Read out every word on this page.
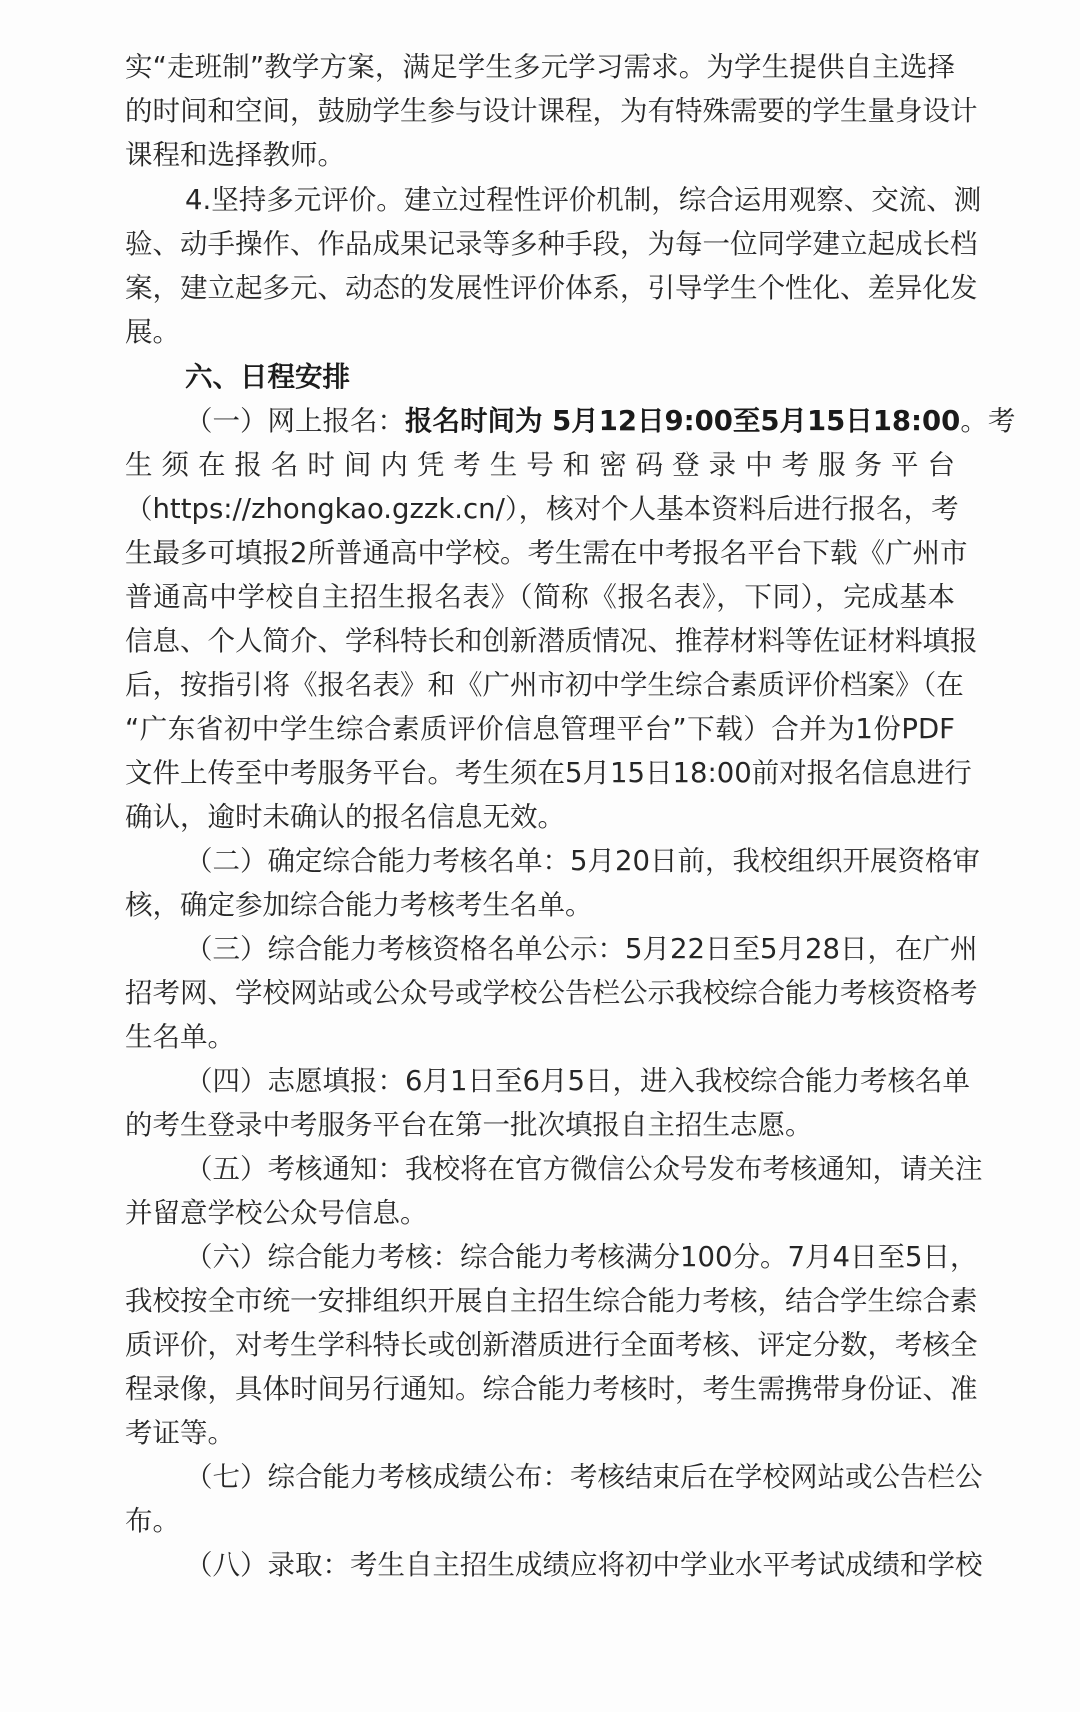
实“走班制”教学方案，满足学生多元学习需求。为学生提供自主选择
的时间和空间，鼓励学生参与设计课程，为有特殊需要的学生量身设计
课程和选择教师。
4.坚持多元评价。建立过程性评价机制，综合运用观察、交流、测
验、动手操作、作品成果记录等多种手段，为每一位同学建立起成长档
案，建立起多元、动态的发展性评价体系，引导学生个性化、差异化发
展。
六、日程安排
（一）网上报名：报名时间为 5月12日9:00至5月15日18:00。考
生须在报名时间内凭考生号和密码登录中考服务平台
（https://zhongkao.gzzk.cn/），核对个人基本资料后进行报名，考
生最多可填报2所普通高中学校。考生需在中考报名平台下载《广州市
普通高中学校自主招生报名表》（简称《报名表》，下同），完成基本
信息、个人简介、学科特长和创新潜质情况、推荐材料等佐证材料填报
后，按指引将《报名表》和《广州市初中学生综合素质评价档案》（在
“广东省初中学生综合素质评价信息管理平台”下载）合并为1份PDF
文件上传至中考服务平台。考生须在5月15日18:00前对报名信息进行
确认，逾时未确认的报名信息无效。
（二）确定综合能力考核名单：5月20日前，我校组织开展资格审
核，确定参加综合能力考核考生名单。
（三）综合能力考核资格名单公示：5月22日至5月28日，在广州
招考网、学校网站或公众号或学校公告栏公示我校综合能力考核资格考
生名单。
（四）志愿填报：6月1日至6月5日，进入我校综合能力考核名单
的考生登录中考服务平台在第一批次填报自主招生志愿。
（五）考核通知：我校将在官方微信公众号发布考核通知，请关注
并留意学校公众号信息。
（六）综合能力考核：综合能力考核满分100分。7月4日至5日，
我校按全市统一安排组织开展自主招生综合能力考核，结合学生综合素
质评价，对考生学科特长或创新潜质进行全面考核、评定分数，考核全
程录像，具体时间另行通知。综合能力考核时，考生需携带身份证、准
考证等。
（七）综合能力考核成绩公布：考核结束后在学校网站或公告栏公
布。
（八）录取：考生自主招生成绩应将初中学业水平考试成绩和学校
